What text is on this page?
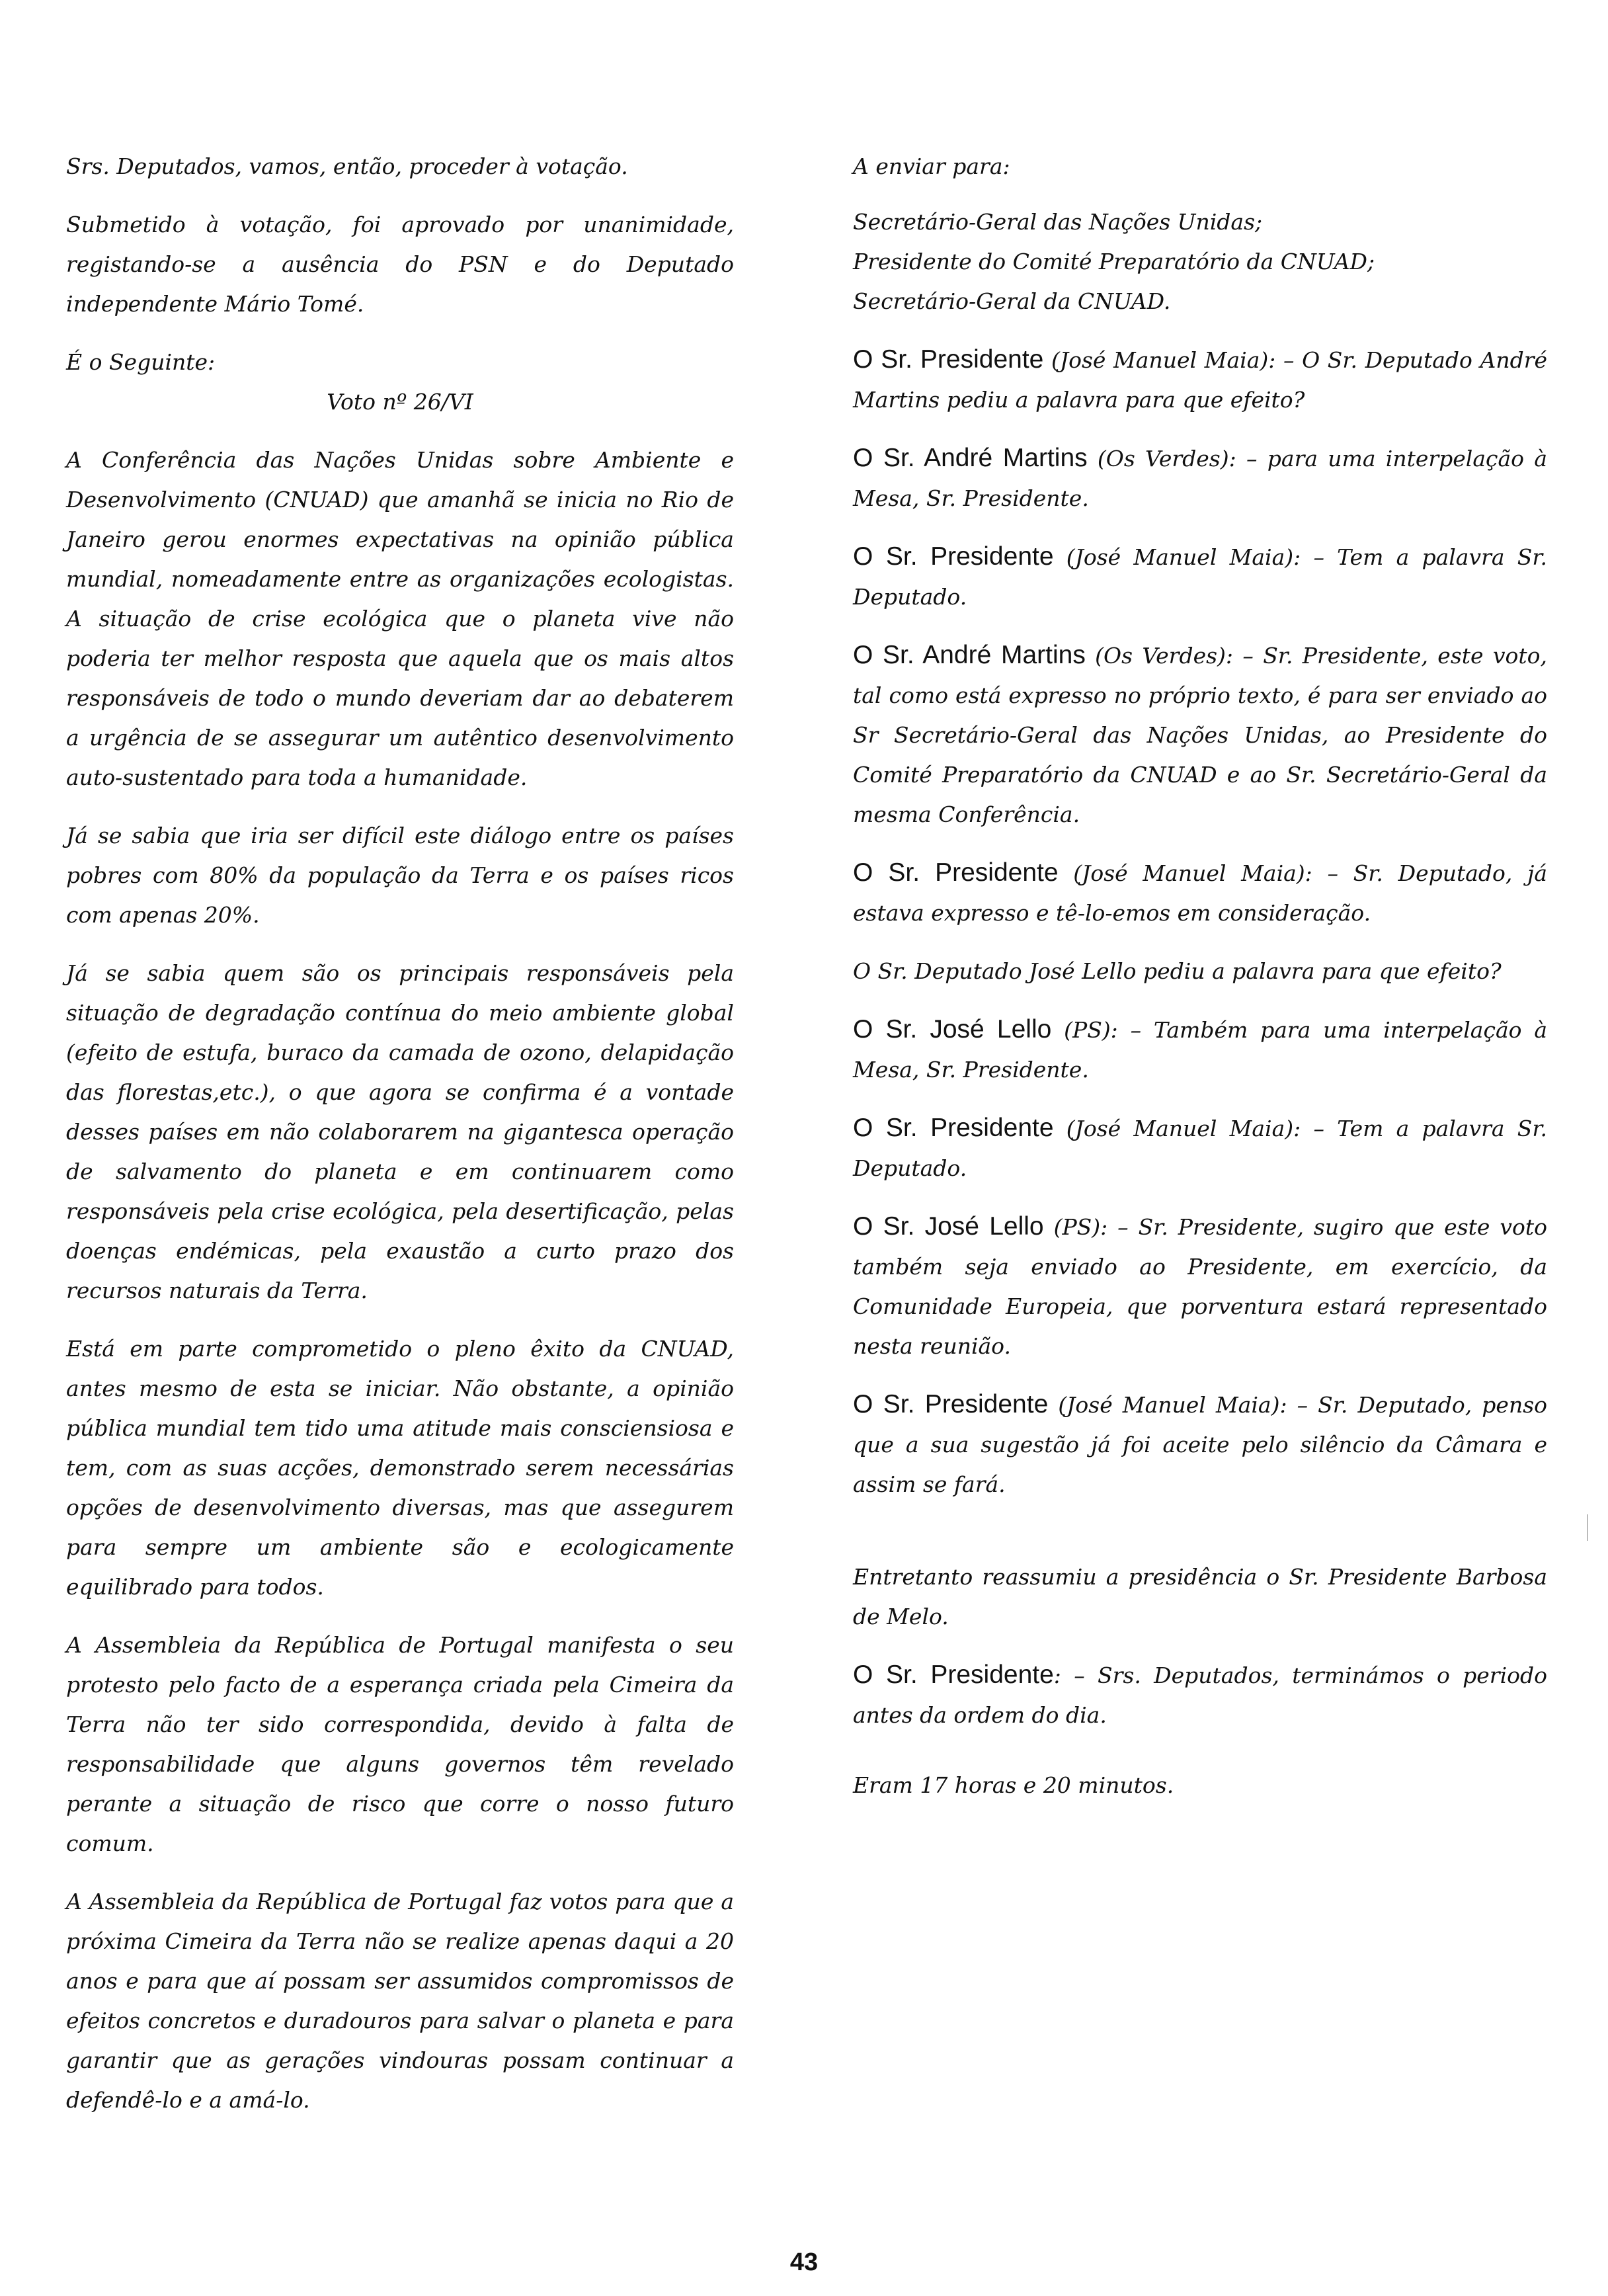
Srs. Deputados, vamos, então, proceder à votação.

Submetido à votação, foi aprovado por unanimidade, registando-se a ausência do PSN e do Deputado independente Mário Tomé.

É o Seguinte:

Voto nº 26/VI

A Conferência das Nações Unidas sobre Ambiente e Desenvolvimento (CNUAD) que amanhã se inicia no Rio de Janeiro gerou enormes expectativas na opinião pública mundial, nomeadamente entre as organizações ecologistas. A situação de crise ecológica que o planeta vive não poderia ter melhor resposta que aquela que os mais altos responsáveis de todo o mundo deveriam dar ao debaterem a urgência de se assegurar um autêntico desenvolvimento auto-sustentado para toda a humanidade.

Já se sabia que iria ser difícil este diálogo entre os países pobres com 80% da população da Terra e os países ricos com apenas 20%.

Já se sabia quem são os principais responsáveis pela situação de degradação contínua do meio ambiente global (efeito de estufa, buraco da camada de ozono, delapidação das florestas,etc.), o que agora se confirma é a vontade desses países em não colaborarem na gigantesca operação de salvamento do planeta e em continuarem como responsáveis pela crise ecológica, pela desertificação, pelas doenças endémicas, pela exaustão a curto prazo dos recursos naturais da Terra.

Está em parte comprometido o pleno êxito da CNUAD, antes mesmo de esta se iniciar. Não obstante, a opinião pública mundial tem tido uma atitude mais consciensiosa e tem, com as suas acções, demonstrado serem necessárias opções de desenvolvimento diversas, mas que assegurem para sempre um ambiente são e ecologicamente equilibrado para todos.

A Assembleia da República de Portugal manifesta o seu protesto pelo facto de a esperança criada pela Cimeira da Terra não ter sido correspondida, devido à falta de responsabilidade que alguns governos têm revelado perante a situação de risco que corre o nosso futuro comum.

A Assembleia da República de Portugal faz votos para que a próxima Cimeira da Terra não se realize apenas daqui a 20 anos e para que aí possam ser assumidos compromissos de efeitos concretos e duradouros para salvar o planeta e para garantir que as gerações vindouras possam continuar a defendê-lo e a amá-lo.

A enviar para:

Secretário-Geral das Nações Unidas;

Presidente do Comité Preparatório da CNUAD;

Secretário-Geral da CNUAD.

O Sr. Presidente (José Manuel Maia): – O Sr. Deputado André Martins pediu a palavra para que efeito?

O Sr. André Martins (Os Verdes): – para uma interpelação à Mesa, Sr. Presidente.

O Sr. Presidente (José Manuel Maia): – Tem a palavra Sr. Deputado.

O Sr. André Martins (Os Verdes): – Sr. Presidente, este voto, tal como está expresso no próprio texto, é para ser enviado ao Sr Secretário-Geral das Nações Unidas, ao Presidente do Comité Preparatório da CNUAD e ao Sr. Secretário-Geral da mesma Conferência.

O Sr. Presidente (José Manuel Maia): – Sr. Deputado, já estava expresso e tê-lo-emos em consideração.

O Sr. Deputado José Lello pediu a palavra para que efeito?

O Sr. José Lello (PS): – Também para uma interpelação à Mesa, Sr. Presidente.

O Sr. Presidente (José Manuel Maia): – Tem a palavra Sr. Deputado.

O Sr. José Lello (PS): – Sr. Presidente, sugiro que este voto também seja enviado ao Presidente, em exercício, da Comunidade Europeia, que porventura estará representado nesta reunião.

O Sr. Presidente (José Manuel Maia): – Sr. Deputado, penso que a sua sugestão já foi aceite pelo silêncio da Câmara e assim se fará.

Entretanto reassumiu a presidência o Sr. Presidente Barbosa de Melo.

O Sr. Presidente: – Srs. Deputados, terminámos o periodo antes da ordem do dia.

Eram 17 horas e 20 minutos.

43
